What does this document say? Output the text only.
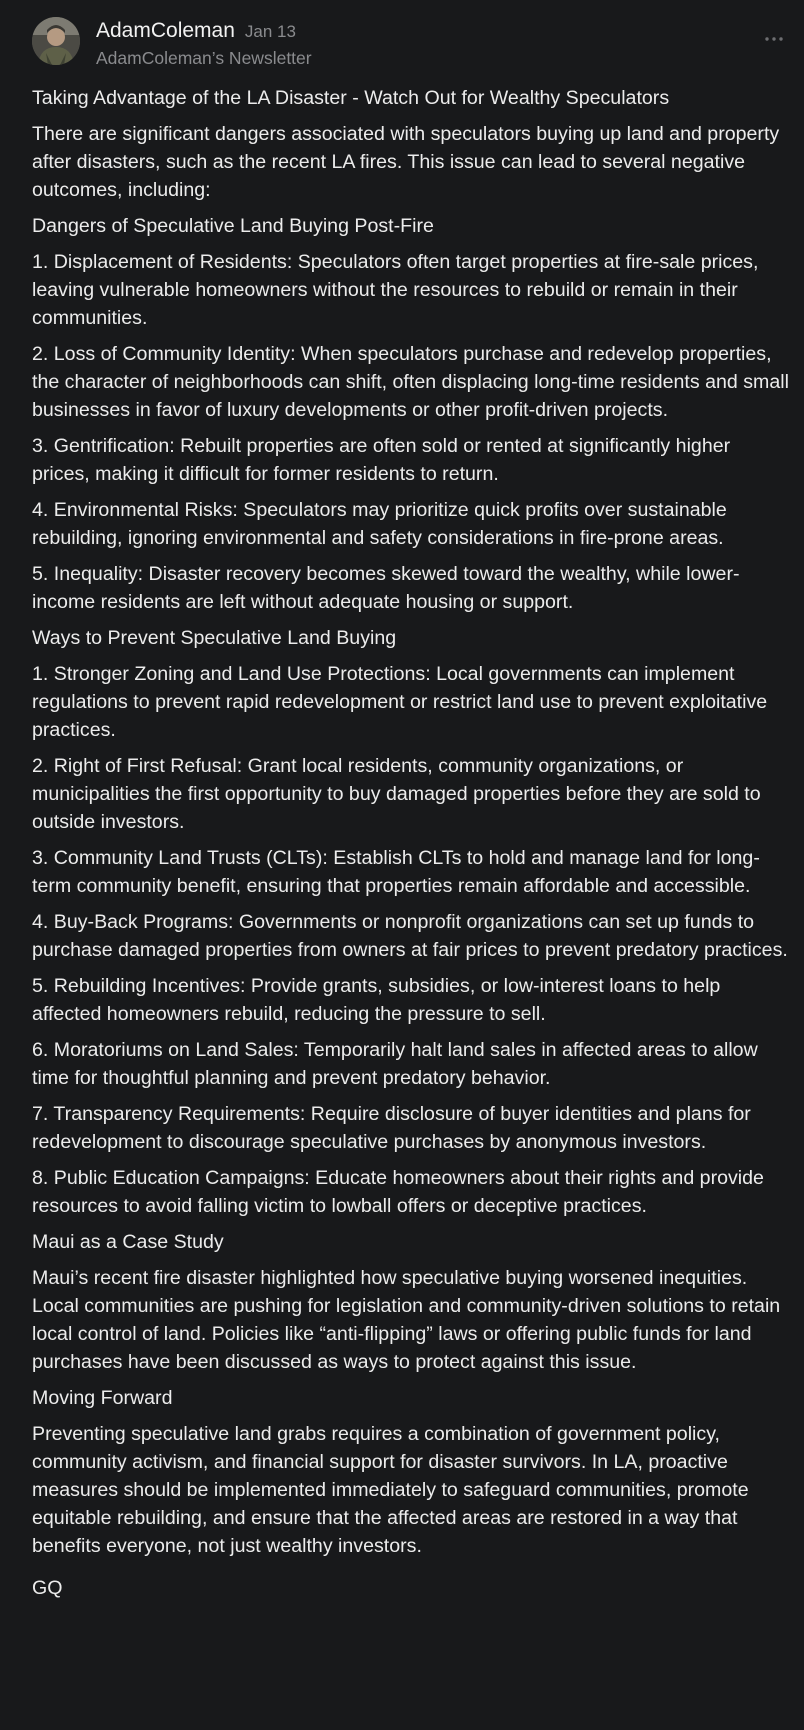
AdamColeman Jan 13
AdamColeman’s Newsletter

Taking Advantage of the LA Disaster - Watch Out for Wealthy Speculators

There are significant dangers associated with speculators buying up land and property after disasters, such as the recent LA fires. This issue can lead to several negative outcomes, including:

Dangers of Speculative Land Buying Post-Fire

1. Displacement of Residents: Speculators often target properties at fire-sale prices, leaving vulnerable homeowners without the resources to rebuild or remain in their communities.

2. Loss of Community Identity: When speculators purchase and redevelop properties, the character of neighborhoods can shift, often displacing long-time residents and small businesses in favor of luxury developments or other profit-driven projects.

3. Gentrification: Rebuilt properties are often sold or rented at significantly higher prices, making it difficult for former residents to return.

4. Environmental Risks: Speculators may prioritize quick profits over sustainable rebuilding, ignoring environmental and safety considerations in fire-prone areas.

5. Inequality: Disaster recovery becomes skewed toward the wealthy, while lower-income residents are left without adequate housing or support.

Ways to Prevent Speculative Land Buying

1. Stronger Zoning and Land Use Protections: Local governments can implement regulations to prevent rapid redevelopment or restrict land use to prevent exploitative practices.

2. Right of First Refusal: Grant local residents, community organizations, or municipalities the first opportunity to buy damaged properties before they are sold to outside investors.

3. Community Land Trusts (CLTs): Establish CLTs to hold and manage land for long-term community benefit, ensuring that properties remain affordable and accessible.

4. Buy-Back Programs: Governments or nonprofit organizations can set up funds to purchase damaged properties from owners at fair prices to prevent predatory practices.

5. Rebuilding Incentives: Provide grants, subsidies, or low-interest loans to help affected homeowners rebuild, reducing the pressure to sell.

6. Moratoriums on Land Sales: Temporarily halt land sales in affected areas to allow time for thoughtful planning and prevent predatory behavior.

7. Transparency Requirements: Require disclosure of buyer identities and plans for redevelopment to discourage speculative purchases by anonymous investors.

8. Public Education Campaigns: Educate homeowners about their rights and provide resources to avoid falling victim to lowball offers or deceptive practices.

Maui as a Case Study

Maui’s recent fire disaster highlighted how speculative buying worsened inequities. Local communities are pushing for legislation and community-driven solutions to retain local control of land. Policies like “anti-flipping” laws or offering public funds for land purchases have been discussed as ways to protect against this issue.

Moving Forward

Preventing speculative land grabs requires a combination of government policy, community activism, and financial support for disaster survivors. In LA, proactive measures should be implemented immediately to safeguard communities, promote equitable rebuilding, and ensure that the affected areas are restored in a way that benefits everyone, not just wealthy investors.

GQ
